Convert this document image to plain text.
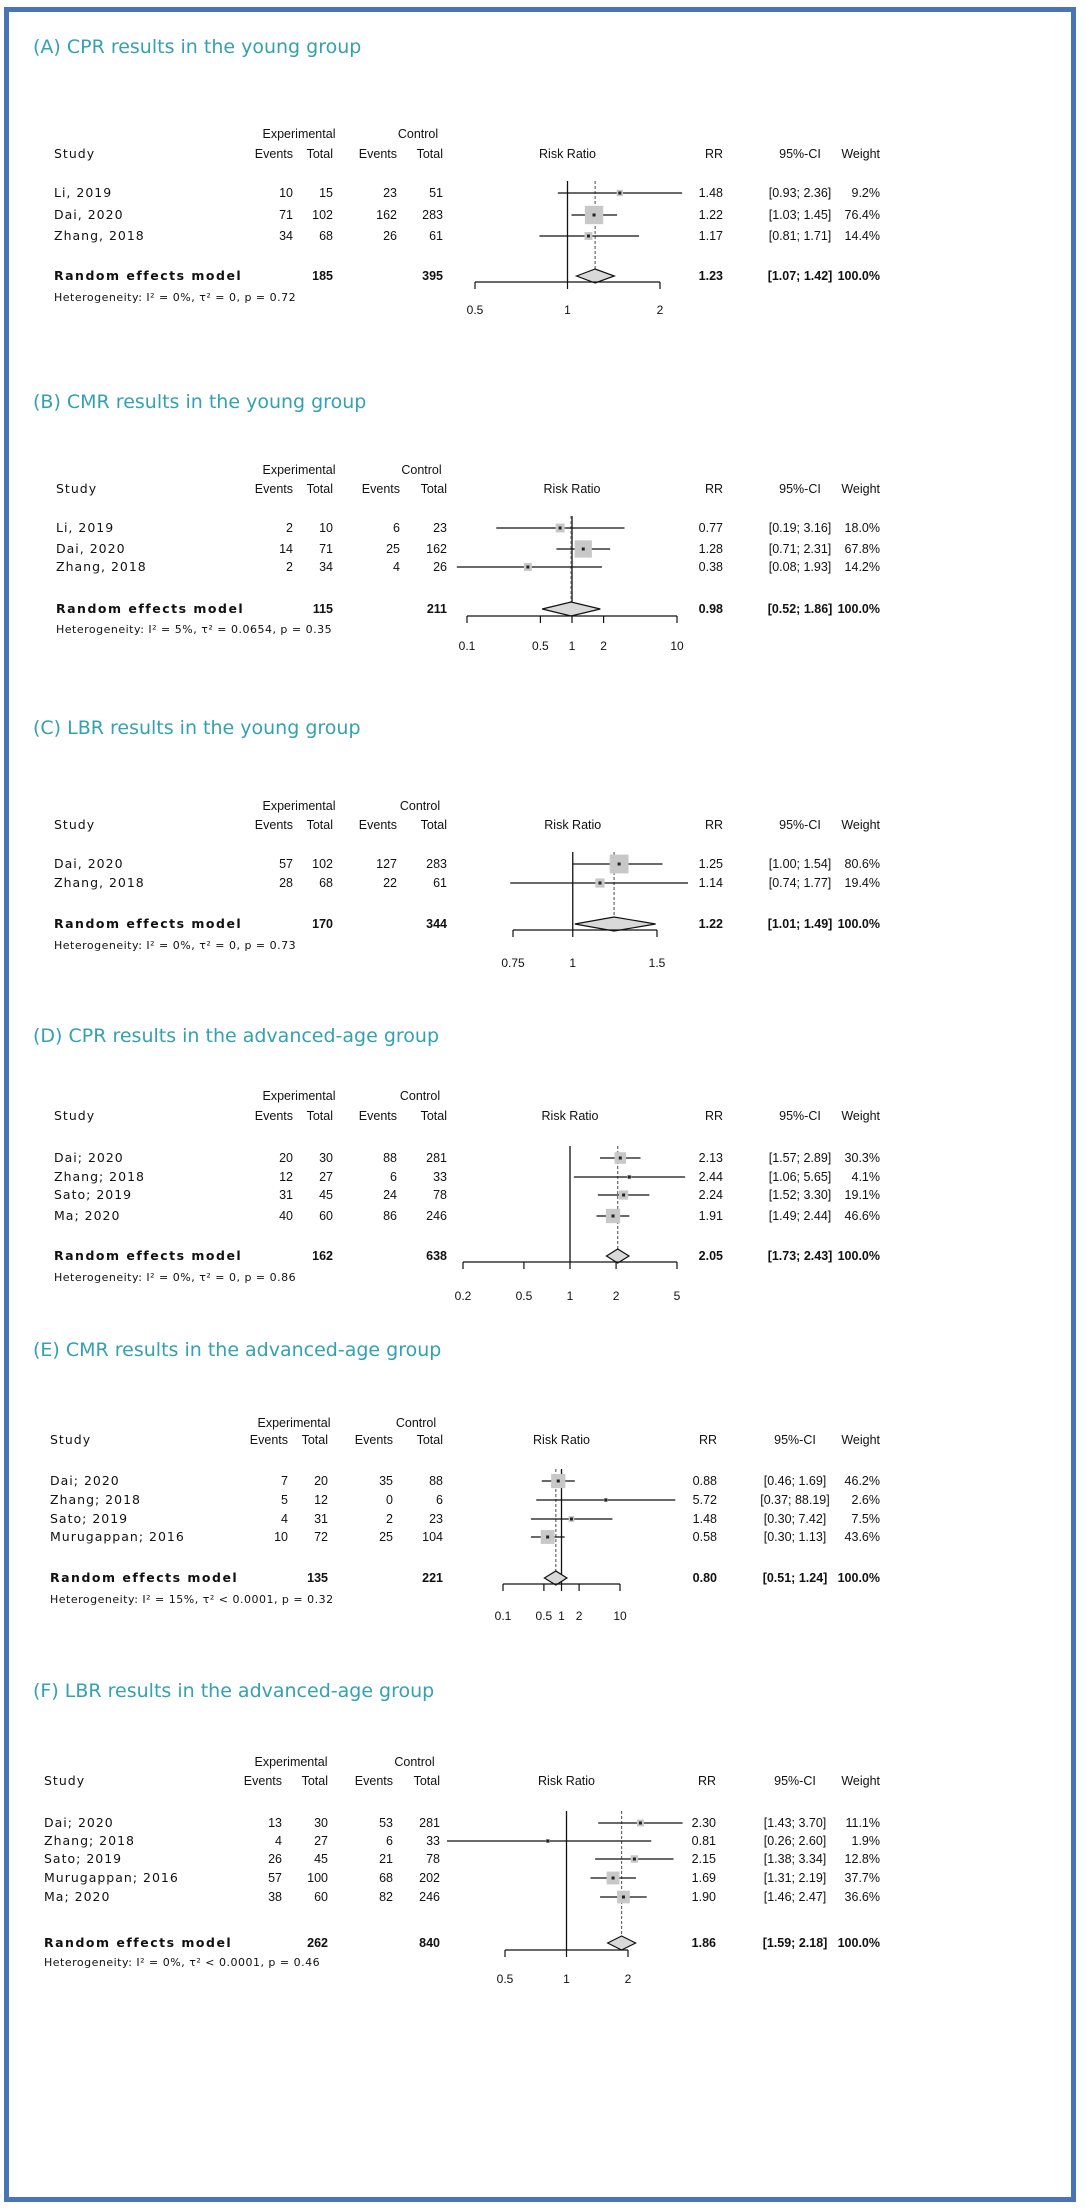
(A) CPR results in the young group
Experimental	Control
Study	Events Total Events Total	Risk Ratio	RR	95%-CI Weight
Li, 2019	10 15	23	51	1.48	[0.93; 2.36] 9.2%
Dai, 2020	71 102	162 283	1.22	[1.03; 1.45] 76.4%
Zhang, 2018	34 68	26	61	1.17	[0.81; 1.71] 14.4%
Random effects model	185	395	1.23	[1.07; 1.42] 100.0%
Heterogeneity: I² = 0%, τ² = 0, p = 0.72
0.5	1	2
(B) CMR results in the young group
Experimental	Control
Study	Events Total Events Total	Risk Ratio	RR	95%-CI Weight
Li, 2019	2 10	6	23	0.77	[0.19; 3.16] 18.0%
Dai, 2020	14 71	25 162	1.28	[0.71; 2.31] 67.8%
Zhang, 2018	2 34	4	26	0.38	[0.08; 1.93] 14.2%
Random effects model	115	211	0.98	[0.52; 1.86] 100.0%
Heterogeneity: I² = 5%, τ² = 0.0654, p = 0.35
0.1	0.5 1 2	10
(C) LBR results in the young group
Experimental	Control
Study	Events Total Events Total	Risk Ratio	RR	95%-CI Weight
Dai, 2020	57 102	127 283	1.25	[1.00; 1.54] 80.6%
Zhang, 2018	28 68	22	61	1.14	[0.74; 1.77] 19.4%
Random effects model	170	344	1.22	[1.01; 1.49] 100.0%
Heterogeneity: I² = 0%, τ² = 0, p = 0.73
0.75	1	1.5
(D) CPR results in the advanced-age group
Experimental	Control
Study	Events Total Events Total	Risk Ratio	RR	95%-CI Weight
Dai; 2020	20 30	88 281	2.13	[1.57; 2.89] 30.3%
Zhang; 2018	12 27	6	33	2.44	[1.06; 5.65] 4.1%
Sato; 2019	31 45	24	78	2.24	[1.52; 3.30] 19.1%
Ma; 2020	40 60	86 246	1.91	[1.49; 2.44] 46.6%
Random effects model	162	638	2.05	[1.73; 2.43] 100.0%
Heterogeneity: I² = 0%, τ² = 0, p = 0.86
0.2	0.5	1	2	5
(E) CMR results in the advanced-age group
Experimental	Control
Study	Events Total Events Total	Risk Ratio	RR	95%-CI Weight
Dai; 2020	7 20	35	88	0.88	[0.46; 1.69] 46.2%
Zhang; 2018	5 12	0	6	5.72	[0.37; 88.19] 2.6%
Sato; 2019	4 31	2	23	1.48	[0.30; 7.42] 7.5%
Murugappan; 2016	10 72	25 104	0.58	[0.30; 1.13] 43.6%
Random effects model	135	221	0.80	[0.51; 1.24] 100.0%
Heterogeneity: I² = 15%, τ² < 0.0001, p = 0.32
0.1 0.5 1 2	10
(F) LBR results in the advanced-age group
Experimental	Control
Study	Events Total Events Total	Risk Ratio	RR	95%-CI Weight
Dai; 2020	13	30	53 281	2.30	[1.43; 3.70] 11.1%
Zhang; 2018	4	27	6	33	0.81	[0.26; 2.60] 1.9%
Sato; 2019	26	45	21	78	2.15	[1.38; 3.34] 12.8%
Murugappan; 2016	57 100	68 202	1.69	[1.31; 2.19] 37.7%
Ma; 2020	38	60	82 246	1.90	[1.46; 2.47] 36.6%
Random effects model	262	840	1.86	[1.59; 2.18] 100.0%
Heterogeneity: I² = 0%, τ² < 0.0001, p = 0.46
0.5	1	2
